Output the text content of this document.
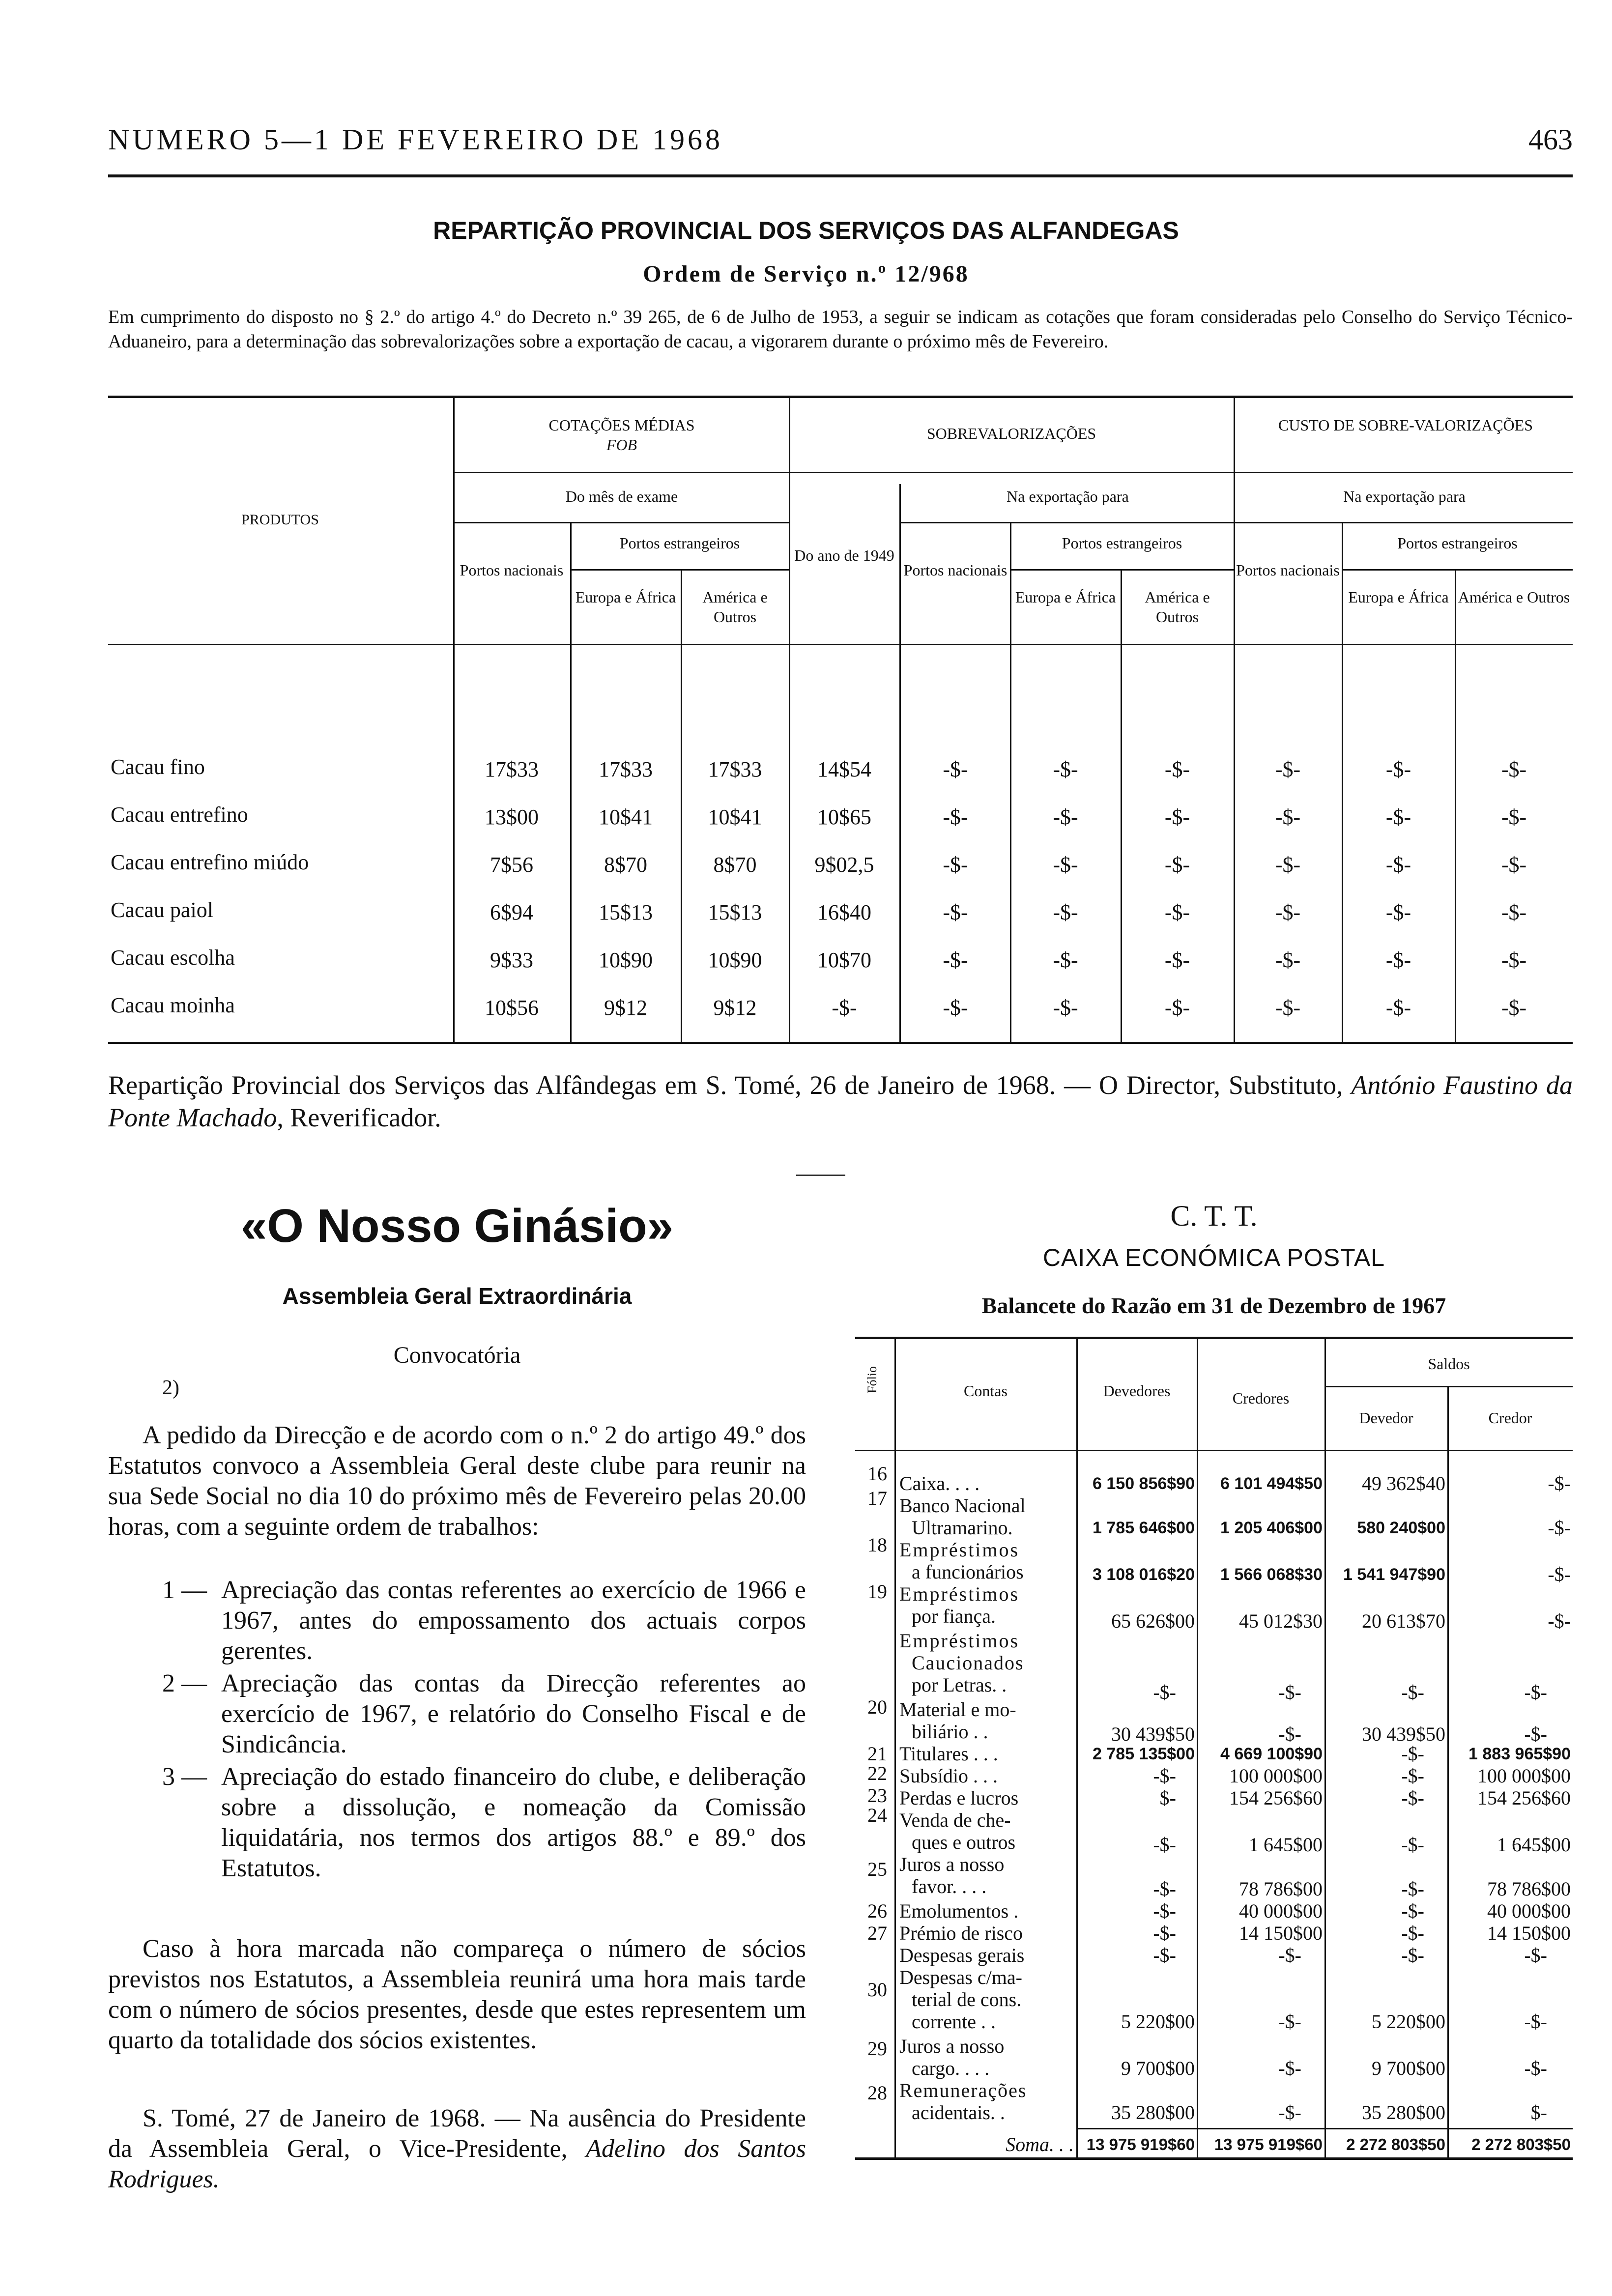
NUMERO 5—1 DE FEVEREIRO DE 1968	463
REPARTIÇÃO PROVINCIAL DOS SERVIÇOS DAS ALFANDEGAS
Ordem de Serviço n.º 12/968
Em cumprimento do disposto no § 2.º do artigo 4.º do Decreto n.º 39 265, de 6 de Julho de 1953, a seguir se indicam as cotações que foram consideradas pelo Conselho do Serviço Técnico-Aduaneiro, para a determinação das sobrevalorizações sobre a exportação de cacau, a vigorarem durante o próximo mês de Fevereiro.
PRODUTOS
COTAÇÕES MÉDIAS
FOB
SOBREVALORIZAÇÕES	CUSTO DE SOBRE-VALORIZAÇÕES
Do mês de exame	Na exportação para	Na exportação para
Do ano de 1949
Portos nacionais
Portos estrangeiros
Europa e África	América e Outros
Portos nacionais
Portos estrangeiros
Europa e África	América e Outros
Portos nacionais
Portos estrangeiros
Europa e África América e Outros
Cacau fino	17$33	17$33	17$33	14$54	-$-	-$-	-$-	-$-	-$-	-$-
Cacau entrefino	13$00	10$41	10$41	10$65	-$-	-$-	-$-	-$-	-$-	-$-
Cacau entrefino miúdo	7$56	8$70	8$70	9$02,5	-$-	-$-	-$-	-$-	-$-	-$-
Cacau paiol	6$94	15$13	15$13	16$40	-$-	-$-	-$-	-$-	-$-	-$-
Cacau escolha	9$33	10$90	10$90	10$70	-$-	-$-	-$-	-$-	-$-	-$-
Cacau moinha	10$56	9$12	9$12	-$-	-$-	-$-	-$-	-$-	-$-	-$-
Repartição Provincial dos Serviços das Alfândegas em S. Tomé, 26 de Janeiro de 1968. — O Director, Substituto, António Faustino da Ponte Machado, Reverificador.
«O Nosso Ginásio»
Assembleia Geral Extraordinária
Convocatória
2)
A pedido da Direcção e de acordo com o n.º 2 do artigo 49.º dos Estatutos convoco a Assembleia Geral deste clube para reunir na sua Sede Social no dia 10 do próximo mês de Fevereiro pelas 20.00 horas, com a seguinte ordem de trabalhos:
1 — Apreciação das contas referentes ao exercício de 1966 e 1967, antes do empossamento dos actuais corpos gerentes.
2 — Apreciação das contas da Direcção referentes ao exercício de 1967, e relatório do Conselho Fiscal e de Sindicância.
3 — Apreciação do estado financeiro do clube, e deliberação sobre a dissolução, e nomeação da Comissão liquidatária, nos termos dos artigos 88.º e 89.º dos Estatutos.
Caso à hora marcada não compareça o número de sócios previstos nos Estatutos, a Assembleia reunirá uma hora mais tarde com o número de sócios presentes, desde que estes representem um quarto da totalidade dos sócios existentes.
S. Tomé, 27 de Janeiro de 1968. — Na ausência do Presidente da Assembleia Geral, o Vice-Presidente, Adelino dos Santos Rodrigues.
C. T. T.
CAIXA ECONÓMICA POSTAL
Balancete do Razão em 31 de Dezembro de 1967
Fólio	Contas	Devedores	Credores
Saldos
Devedor	Credor
16 Caixa. . . .	6 150 856$90	6 101 494$50	49 362$40	-$-
17 Banco Nacional
Ultramarino.	1 785 646$00	1 205 406$00	580 240$00	-$-
18 Empréstimos
a funcionários	3 108 016$20	1 566 068$30	1 541 947$90	-$-
19 Empréstimos
por fiança.	65 626$00	45 012$30	20 613$70	-$-
Empréstimos
Caucionados
por Letras. .	-$-	-$-	-$-	-$-
20 Material e mo-
biliário . .	30 439$50	-$-	30 439$50	-$-
21 Titulares . . .	2 785 135$00	4 669 100$90	-$-	1 883 965$90
22 Subsídio . . .	-$-	100 000$00	-$-	100 000$00
23 Perdas e lucros	$-	154 256$60	-$-	154 256$60
24 Venda de che-
ques e outros	-$-	1 645$00	-$-	1 645$00
25 Juros a nosso
favor. . . .	-$-	78 786$00	-$-	78 786$00
26 Emolumentos .	-$-	40 000$00	-$-	40 000$00
27 Prémio de risco	-$-	14 150$00	-$-	14 150$00
Despesas gerais	-$-	-$-	-$-	-$-
30
Despesas c/ma-
terial de cons.
corrente . .	5 220$00	-$-	5 220$00	-$-
29 Juros a nosso
cargo. . . .	9 700$00	-$-	9 700$00	-$-
28 Remunerações
acidentais. .	35 280$00	-$-	35 280$00	$-
Soma. . . 13 975 919$60	13 975 919$60	2 272 803$50	2 272 803$50
